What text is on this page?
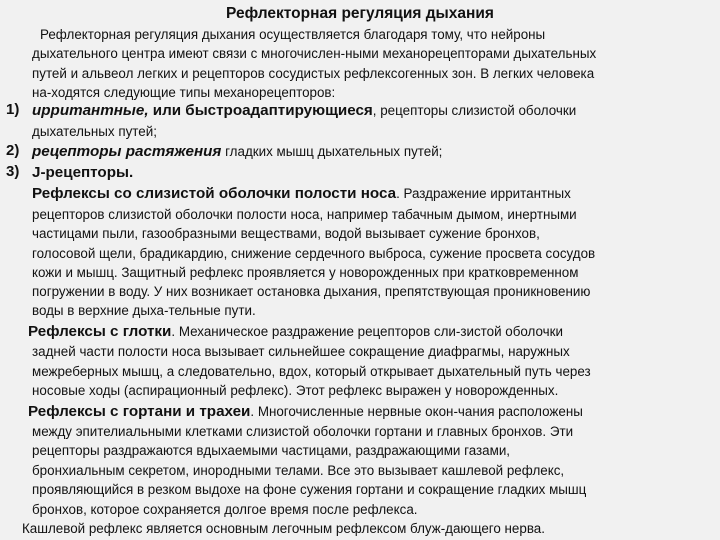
Рефлекторная регуляция дыхания
Рефлекторная регуляция дыхания осуществляется благодаря тому, что нейроны
дыхательного центра имеют связи с многочислен-ными механорецепторами дыхательных
путей и альвеол легких и рецепторов сосудистых рефлексогенных зон. В легких человека
на-ходятся следующие типы механорецепторов:
1) ирритантные, или быстроадаптирующиеся, рецепторы слизистой оболочки
дыхательных путей;
2) рецепторы растяжения гладких мышц дыхательных путей;
3) J-рецепторы.
Рефлексы со слизистой оболочки полости носа. Раздражение ирритантных
рецепторов слизистой оболочки полости носа, например табачным дымом, инертными
частицами пыли, газообразными веществами, водой вызывает сужение бронхов,
голосовой щели, брадикардию, снижение сердечного выброса, сужение просвета сосудов
кожи и мышц. Защитный рефлекс проявляется у новорожденных при кратковременном
погружении в воду. У них возникает остановка дыхания, препятствующая проникновению
воды в верхние дыха-тельные пути.
Рефлексы с глотки. Механическое раздражение рецепторов сли-зистой оболочки
задней части полости носа вызывает сильнейшее сокращение диафрагмы, наружных
межреберных мышц, а следовательно, вдох, который открывает дыхательный путь через
носовые ходы (аспирационный рефлекс). Этот рефлекс выражен у новорожденных.
Рефлексы с гортани и трахеи. Многочисленные нервные окон-чания расположены
между эпителиальными клетками слизистой оболочки гортани и главных бронхов. Эти
рецепторы раздражаются вдыхаемыми частицами, раздражающими газами,
бронхиальным секретом, инородными телами. Все это вызывает кашлевой рефлекс,
проявляющийся в резком выдохе на фоне сужения гортани и сокращение гладких мышц
бронхов, которое сохраняется долгое время после рефлекса.
Кашлевой рефлекс является основным легочным рефлексом блуж-дающего нерва.
